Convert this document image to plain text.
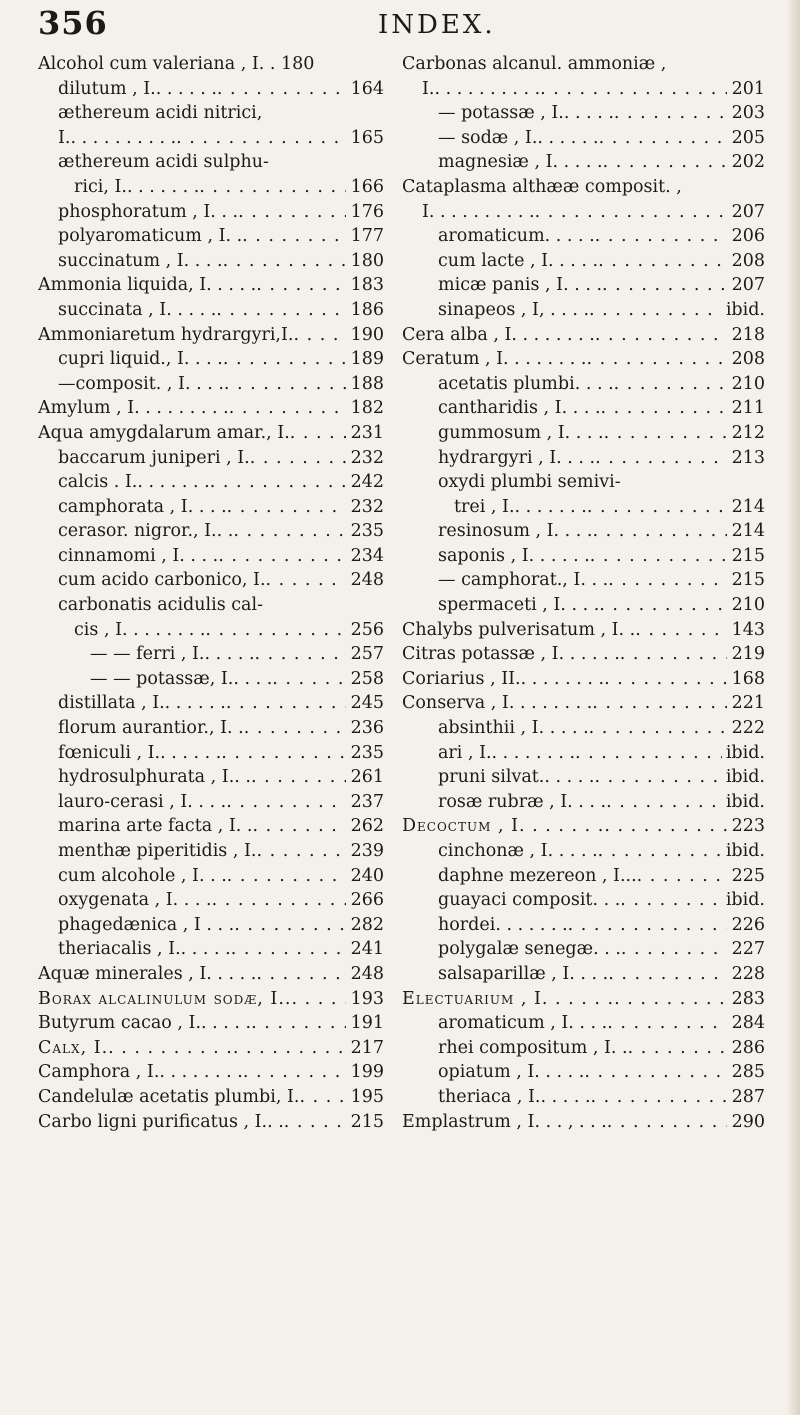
356	INDEX.
Alcohol cum valeriana , I. . 180
dilutum , I.. . . . . . . . .	164
æthereum acidi nitrici,
I.. . . . . . . . . . . . .	165
æthereum acidi sulphu-
rici, I.. . . . . . . . . .	166
phosphoratum , I. . . . . .	176
polyaromaticum , I. . . . .	177
succinatum , I. . . . . . .	180
Ammonia liquida, I. . . . . . . .	183
succinata , I. . . . . . . .	186
Ammoniaretum hydrargyri,I. . . .	190
cupri liquid., I. . . . . . .	189
—composit. , I. . . . . . .	188
Amylum , I. . . . . . . . . . . .	182
Aqua amygdalarum amar., I. . . .	231
baccarum juniperi , I. . . .	232
calcis . I.. . . . . . . . . .	242
camphorata , I. . . . . . .	232
cerasor. nigror., I.. . . . .	235
cinnamomi , I. . . . . . .	234
cum acido carbonico, I. . . .	248
carbonatis acidulis cal-
cis , I. . . . . . . . . . .	256
— — ferri , I.. . . . . . . .	257
— — potassæ, I.. . . . . . .	258
distillata , I.. . . . . . . . .	245
florum aurantior., I. . . . .	236
fœniculi , I.. . . . . . . . .	235
hydrosulphurata , I.. . . . .	261
lauro-cerasi , I. . . . . . .	237
marina arte facta , I. . . . .	262
menthæ piperitidis , I. . . .	239
cum alcohole , I. . . . . .	240
oxygenata , I. . . . . . .	266
phagedænica , I . . . . . .	282
theriacalis , I.. . . . . . . .	241
Aquæ minerales , I. . . . . . . .	248
Borax alcalinulum sodæ, I.. . . .	193
Butyrum cacao , I.. . . . . . . .	191
Calx, I.. . . . . . . . . . . . .	217
Camphora , I.. . . . . . . . . . .	199
Candelulæ acetatis plumbi, I. . . .	195
Carbo ligni purificatus , I.. . . . .	215
Carbonas alcanul. ammoniæ ,
I.. . . . . . . . . . . . .	201
— potassæ , I.. . . . . . . .	203
— sodæ , I.. . . . . . . . .	205
magnesiæ , I. . . . . . . .	202
Cataplasma althææ composit. ,
I. . . . . . . . . . . . .	207
aromaticum. . . . . . . .	206
cum lacte , I. . . . . . . .	208
micæ panis , I. . . . . . .	207
sinapeos , I, . . . . . . .	ibid.
Cera alba , I. . . . . . . . . . .	218
Ceratum , I. . . . . . . . . . .	208
acetatis plumbi. . . . . . .	210
cantharidis , I. . . . . . .	211
gummosum , I. . . . . . .	212
hydrargyri , I. . . . . . .	213
oxydi plumbi semivi-
trei , I.. . . . . . . . . .	214
resinosum , I. . . . . . .	214
saponis , I. . . . . . . . .	215
— camphorat., I. . . . . .	215
spermaceti , I. . . . . . .	210
Chalybs pulverisatum , I. . . . .	143
Citras potassæ , I. . . . . . . . .	219
Coriarius , II.. . . . . . . . . . .	168
Conserva , I. . . . . . . . . . .	221
absinthii , I. . . . . . . .	222
ari , I.. . . . . . . . . . .	ibid.
pruni silvat.. . . . . . . .	ibid.
rosæ rubræ , I. . . . . . .	ibid.
Decoctum , I. . . . . . . . . .	223
cinchonæ , I. . . . . . . .	ibid.
daphne mezereon , I... . . .	225
guayaci composit. . . . . .	ibid.
hordei. . . . . . . . . .	226
polygalæ senegæ. . . . . .	227
salsaparillæ , I. . . . . . .	228
Electuarium , I. . . . . . . . .	283
aromaticum , I. . . . . . .	284
rhei compositum , I. . . . .	286
opiatum , I. . . . . . . .	285
theriaca , I.. . . . . . . .	287
Emplastrum , I. . . , . . . . . .	290
